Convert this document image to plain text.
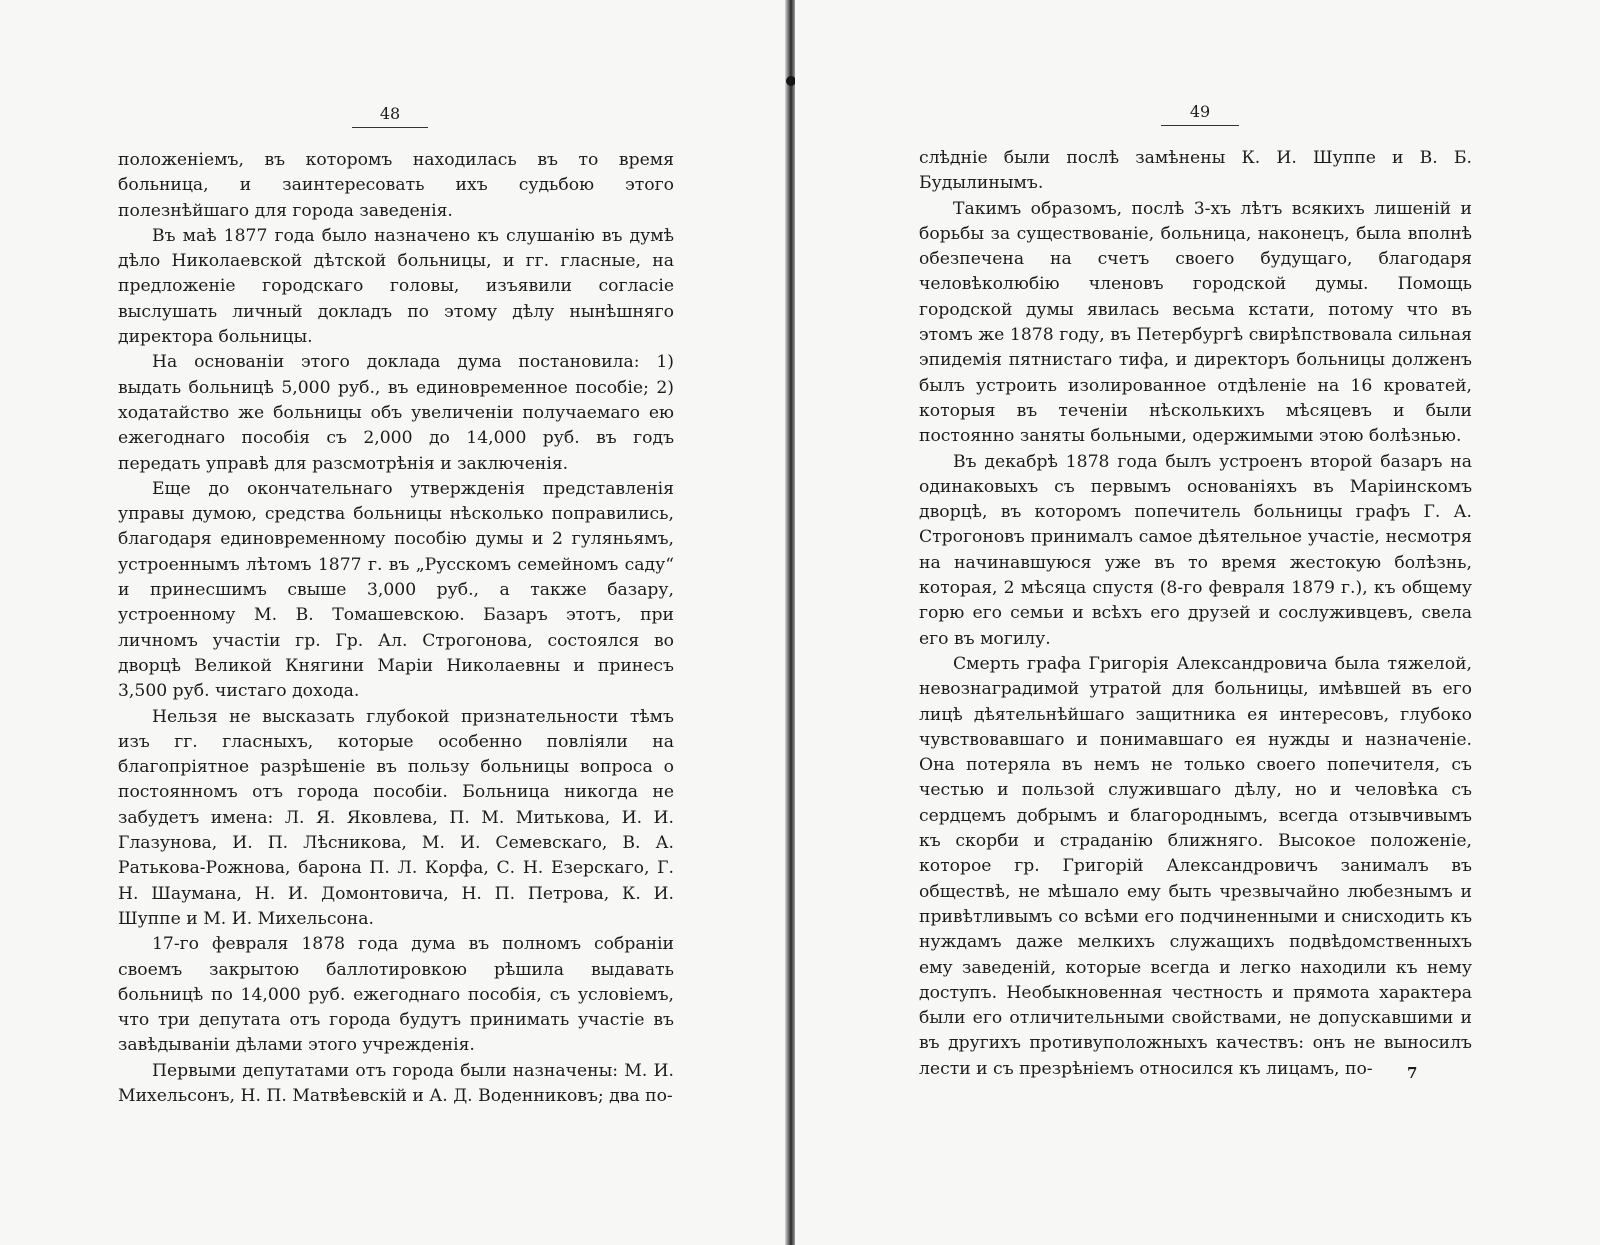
48

положенiемъ, въ которомъ находилась въ то время больница, и заинтересовать ихъ судьбою этого полезнѣйшаго для города заведенiя.

Въ маѣ 1877 года было назначено къ слушанiю въ думѣ дѣло Николаевской дѣтской больницы, и гг. гласные, на предложенiе городскаго головы, изъявили согласiе выслушать личный докладъ по этому дѣлу нынѣшняго директора больницы.

На основанiи этого доклада дума постановила: 1) выдать больницѣ 5,000 руб., въ единовременное пособiе; 2) ходатайство же больницы объ увеличенiи получаемаго ею ежегоднаго пособiя съ 2,000 до 14,000 руб. въ годъ передать управѣ для разсмотрѣнiя и заключенiя.

Еще до окончательнаго утвержденiя представленiя управы думою, средства больницы нѣсколько поправились, благодаря единовременному пособiю думы и 2 гуляньямъ, устроеннымъ лѣтомъ 1877 г. въ „Русскомъ семейномъ саду“ и принесшимъ свыше 3,000 руб., а также базару, устроенному М. В. Томашевскою. Базаръ этотъ, при личномъ участiи гр. Гр. Ал. Строгонова, состоялся во дворцѣ Великой Княгини Марiи Николаевны и принесъ 3,500 руб. чистаго дохода.

Нельзя не высказать глубокой признательности тѣмъ изъ гг. гласныхъ, которые особенно повлiяли на благопрiятное разрѣшенiе въ пользу больницы вопроса о постоянномъ отъ города пособiи. Больница никогда не забудетъ имена: Л. Я. Яковлева, П. М. Митькова, И. И. Глазунова, И. П. Лѣсникова, М. И. Семевскаго, В. А. Ратькова-Рожнова, барона П. Л. Корфа, С. Н. Езерскаго, Г. Н. Шаумана, Н. И. Домонтовича, Н. П. Петрова, К. И. Шуппе и М. И. Михельсона.

17-го февраля 1878 года дума въ полномъ собранiи своемъ закрытою баллотировкою рѣшила выдавать больницѣ по 14,000 руб. ежегоднаго пособiя, съ условiемъ, что три депутата отъ города будутъ принимать участiе въ завѣдыванiи дѣлами этого учрежденiя.

Первыми депутатами отъ города были назначены: М. И. Михельсонъ, Н. П. Матвѣевскiй и А. Д. Воденниковъ; два по-

49

слѣднiе были послѣ замѣнены К. И. Шуппе и В. Б. Будылинымъ.

Такимъ образомъ, послѣ 3-хъ лѣтъ всякихъ лишенiй и борьбы за существованiе, больница, наконецъ, была вполнѣ обезпечена на счетъ своего будущаго, благодаря человѣколюбiю членовъ городской думы. Помощь городской думы явилась весьма кстати, потому что въ этомъ же 1878 году, въ Петербургѣ свирѣпствовала сильная эпидемiя пятнистаго тифа, и директоръ больницы долженъ былъ устроить изолированное отдѣленiе на 16 кроватей, которыя въ теченiи нѣсколькихъ мѣсяцевъ и были постоянно заняты больными, одержимыми этою болѣзнью.

Въ декабрѣ 1878 года былъ устроенъ второй базаръ на одинаковыхъ съ первымъ основанiяхъ въ Марiинскомъ дворцѣ, въ которомъ попечитель больницы графъ Г. А. Строгоновъ принималъ самое дѣятельное участiе, несмотря на начинавшуюся уже въ то время жестокую болѣзнь, которая, 2 мѣсяца спустя (8-го февраля 1879 г.), къ общему горю его семьи и всѣхъ его друзей и сослуживцевъ, свела его въ могилу.

Смерть графа Григорiя Александровича была тяжелой, невознаградимой утратой для больницы, имѣвшей въ его лицѣ дѣятельнѣйшаго защитника ея интересовъ, глубоко чувствовавшаго и понимавшаго ея нужды и назначенiе. Она потеряла въ немъ не только своего попечителя, съ честью и пользой служившаго дѣлу, но и человѣка съ сердцемъ добрымъ и благороднымъ, всегда отзывчивымъ къ скорби и страданiю ближняго. Высокое положенiе, которое гр. Григорiй Александровичъ занималъ въ обществѣ, не мѣшало ему быть чрезвычайно любезнымъ и привѣтливымъ со всѣми его подчиненными и снисходить къ нуждамъ даже мелкихъ служащихъ подвѣдомственныхъ ему заведенiй, которые всегда и легко находили къ нему доступъ. Необыкновенная честность и прямота характера были его отличительными свойствами, не допускавшими и въ другихъ противуположныхъ качествъ: онъ не выносилъ лести и съ презрѣнiемъ относился къ лицамъ, по-	7
